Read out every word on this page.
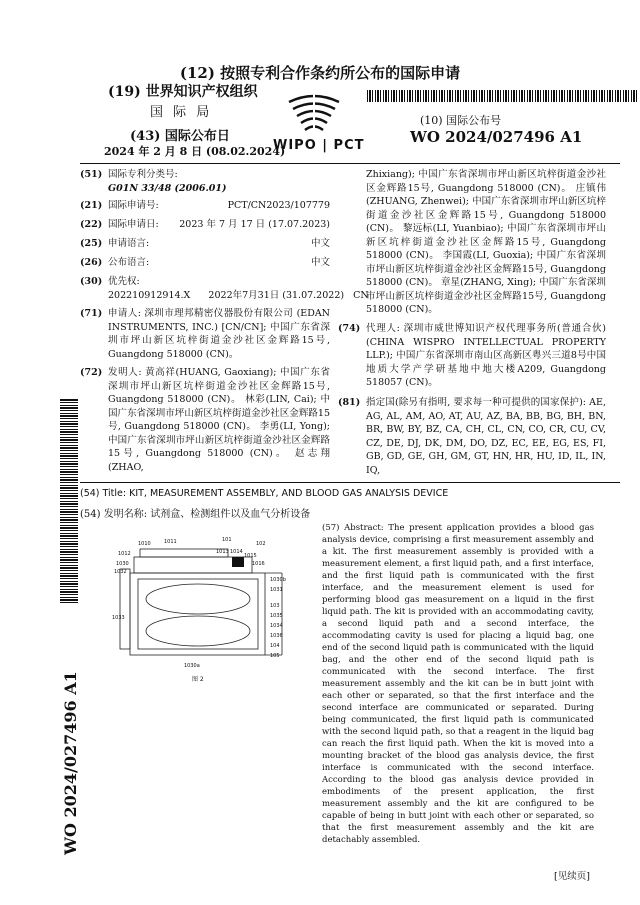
(12) 按照专利合作条约所公布的国际申请
(19) 世界知识产权组织
国 际 局
(43) 国际公布日
2024 年 2 月 8 日 (08.02.2024)
WIPO | PCT
(10) 国际公布号
WO 2024/027496 A1
WO 2024/027496 A1
(51) 国际专利分类号:
G01N 33/48 (2006.01)
(21) 国际申请号:	PCT/CN2023/107779
(22) 国际申请日: 2023 年 7 月 17 日 (17.07.2023)
(25) 申请语言:	中文
(26) 公布语言:	中文
(30) 优先权:
202210912914.X      2022年7月31日 (31.07.2022)   CN
(71) 申请人: 深圳市理邦精密仪器股份有限公司 (EDAN INSTRUMENTS, INC.) [CN/CN]; 中国广东省深圳市坪山新区坑梓街道金沙社区金辉路15号, Guangdong 518000 (CN)。
(72) 发明人: 黄高祥(HUANG, Gaoxiang); 中国广东省深圳市坪山新区坑梓街道金沙社区金辉路15号, Guangdong 518000 (CN)。 林彩(LIN, Cai); 中国广东省深圳市坪山新区坑梓街道金沙社区金辉路15号, Guangdong 518000 (CN)。 李勇(LI, Yong); 中国广东省深圳市坪山新区坑梓街道金沙社区金辉路15号, Guangdong 518000 (CN)。 赵志翔(ZHAO,
Zhixiang); 中国广东省深圳市坪山新区坑梓街道金沙社区金辉路15号, Guangdong 518000 (CN)。 庄镇伟(ZHUANG, Zhenwei); 中国广东省深圳市坪山新区坑梓街道金沙社区金辉路15号, Guangdong 518000 (CN)。 黎远标(LI, Yuanbiao); 中国广东省深圳市坪山新区坑梓街道金沙社区金辉路15号, Guangdong 518000 (CN)。 李国霞(LI, Guoxia); 中国广东省深圳市坪山新区坑梓街道金沙社区金辉路15号, Guangdong 518000 (CN)。 章星(ZHANG, Xing); 中国广东省深圳市坪山新区坑梓街道金沙社区金辉路15号, Guangdong 518000 (CN)。
(74) 代理人: 深圳市威世博知识产权代理事务所(普通合伙) (CHINA WISPRO INTELLECTUAL PROPERTY LLP.); 中国广东省深圳市南山区高新区粤兴三道8号中国地质大学产学研基地中地大楼A209, Guangdong 518057 (CN)。
(81) 指定国(除另有指明, 要求每一种可提供的国家保护): AE, AG, AL, AM, AO, AT, AU, AZ, BA, BB, BG, BH, BN, BR, BW, BY, BZ, CA, CH, CL, CN, CO, CR, CU, CV, CZ, DE, DJ, DK, DM, DO, DZ, EC, EE, EG, ES, FI, GB, GD, GE, GH, GM, GT, HN, HR, HU, ID, IL, IN, IQ,
(54) Title: KIT, MEASUREMENT ASSEMBLY, AND BLOOD GAS ANALYSIS DEVICE
(54) 发明名称: 试剂盒、检测组件以及血气分析设备
1010	1011	101
102
1012	1013 1014
1015
1016
1030
1032
1030b
1031
103
1033	1035
1034
1036
1030a
104
105
图 2
(57) Abstract: The present application provides a blood gas analysis device, comprising a first measurement assembly and a kit. The first measurement assembly is provided with a measurement element, a first liquid path, and a first interface, and the first liquid path is communicated with the first interface, and the measurement element is used for performing blood gas measurement on a liquid in the first liquid path. The kit is provided with an accommodating cavity, a second liquid path and a second interface, the accommodating cavity is used for placing a liquid bag, one end of the second liquid path is communicated with the liquid bag, and the other end of the second liquid path is communicated with the second interface. The first measurement assembly and the kit can be in butt joint with each other or separated, so that the first interface and the second interface are communicated or separated. During being communicated, the first liquid path is communicated with the second liquid path, so that a reagent in the liquid bag can reach the first liquid path. When the kit is moved into a mounting bracket of the blood gas analysis device, the first interface is communicated with the second interface. According to the blood gas analysis device provided in embodiments of the present application, the first measurement assembly and the kit are configured to be capable of being in butt joint with each other or separated, so that the first measurement assembly and the kit are detachably assembled.
[见续页]
